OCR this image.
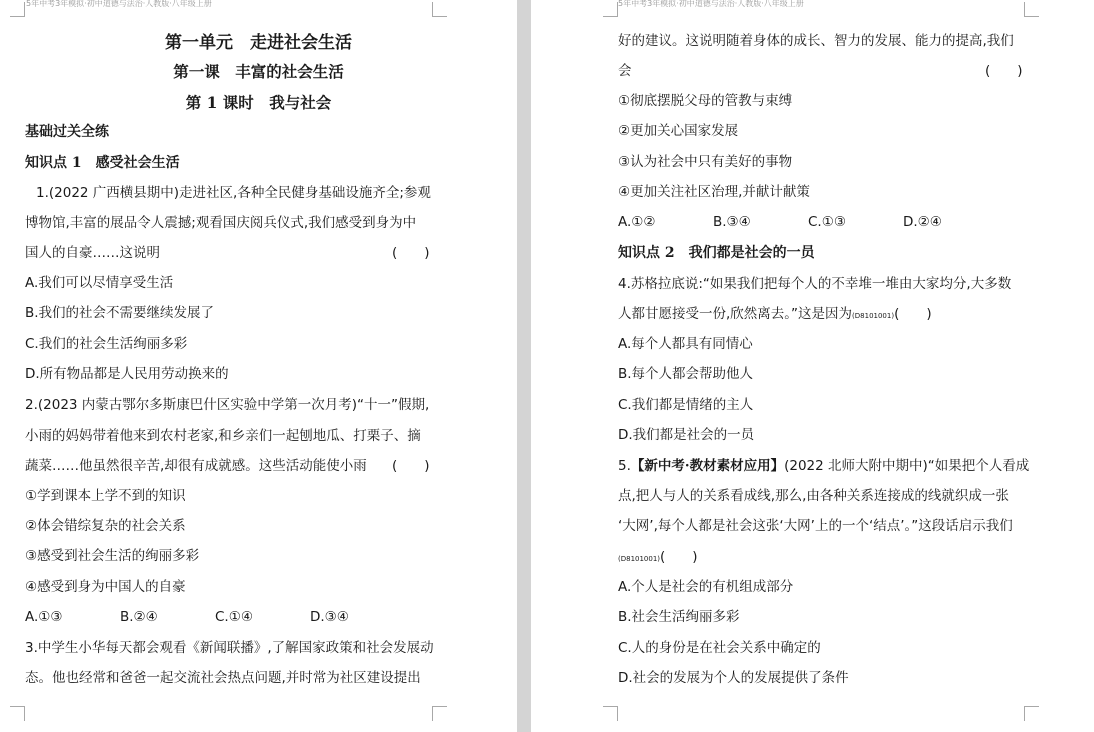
5年中考3年模拟·初中道德与法治·人教版·八年级上册
第一单元　走进社会生活
第一课　丰富的社会生活
第 1 课时　我与社会
基础过关全练
知识点 1　感受社会生活
1.(2022 广西横县期中)走进社区,各种全民健身基础设施齐全;参观
博物馆,丰富的展品令人震撼;观看国庆阅兵仪式,我们感受到身为中
国人的自豪……这说明	(　　)
A.我们可以尽情享受生活
B.我们的社会不需要继续发展了
C.我们的社会生活绚丽多彩
D.所有物品都是人民用劳动换来的
2.(2023 内蒙古鄂尔多斯康巴什区实验中学第一次月考)“十一”假期,
小雨的妈妈带着他来到农村老家,和乡亲们一起刨地瓜、打栗子、摘
蔬菜……他虽然很辛苦,却很有成就感。这些活动能使小雨 (　　)
①学到课本上学不到的知识
②体会错综复杂的社会关系
③感受到社会生活的绚丽多彩
④感受到身为中国人的自豪
A.①③	B.②④	C.①④	D.③④
3.中学生小华每天都会观看《新闻联播》,了解国家政策和社会发展动
态。他也经常和爸爸一起交流社会热点问题,并时常为社区建设提出
5年中考3年模拟·初中道德与法治·人教版·八年级上册
好的建议。这说明随着身体的成长、智力的发展、能力的提高,我们
会	(　　)
①彻底摆脱父母的管教与束缚
②更加关心国家发展
③认为社会中只有美好的事物
④更加关注社区治理,并献计献策
A.①②	B.③④	C.①③	D.②④
知识点 2　我们都是社会的一员
4.苏格拉底说:“如果我们把每个人的不幸堆一堆由大家均分,大多数
人都甘愿接受一份,欣然离去。”这是因为(D8101001)(　　)
A.每个人都具有同情心
B.每个人都会帮助他人
C.我们都是情绪的主人
D.我们都是社会的一员
5.【新中考·教材素材应用】(2022 北师大附中期中)“如果把个人看成
点,把人与人的关系看成线,那么,由各种关系连接成的线就织成一张
‘大网’,每个人都是社会这张‘大网’上的一个‘结点’。”这段话启示我们
(D8101001)(　　)
A.个人是社会的有机组成部分
B.社会生活绚丽多彩
C.人的身份是在社会关系中确定的
D.社会的发展为个人的发展提供了条件
